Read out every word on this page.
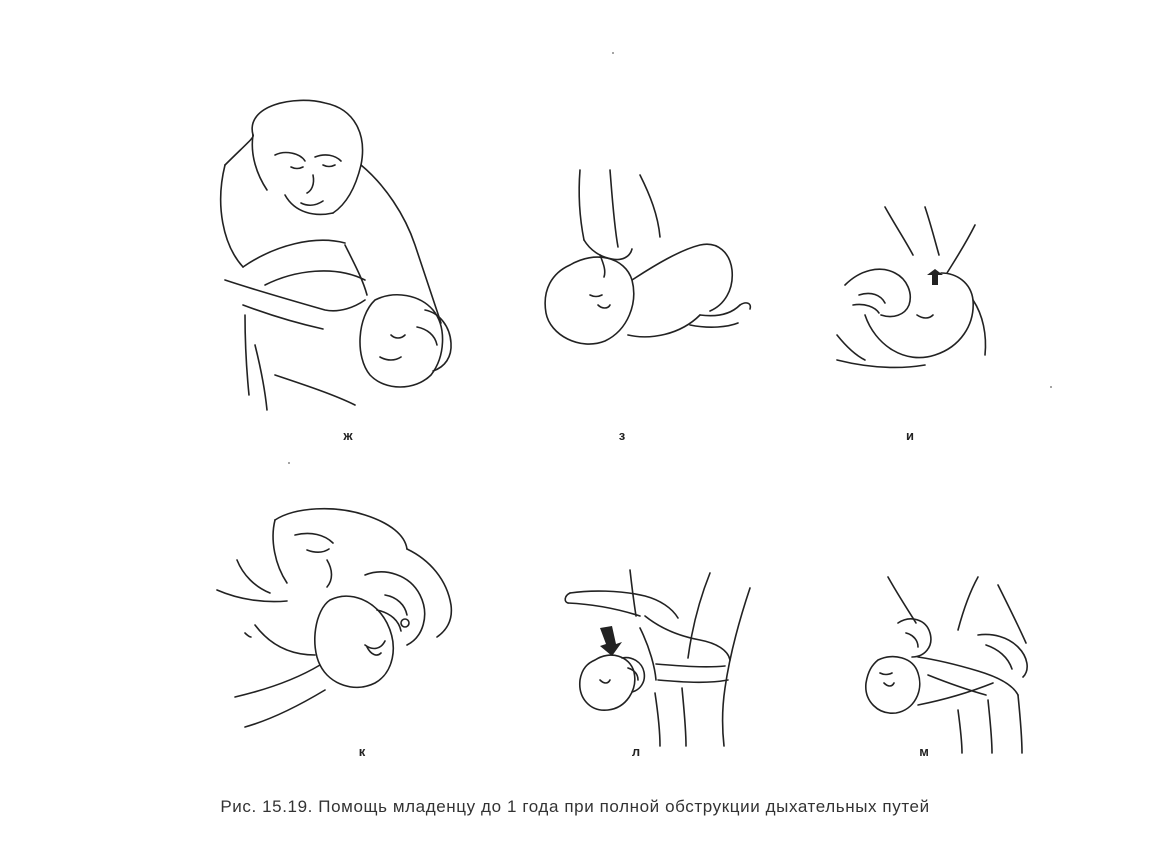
ж	з	и
к	л	м
Рис. 15.19. Помощь младенцу до 1 года при полной обструкции дыхательных путей
